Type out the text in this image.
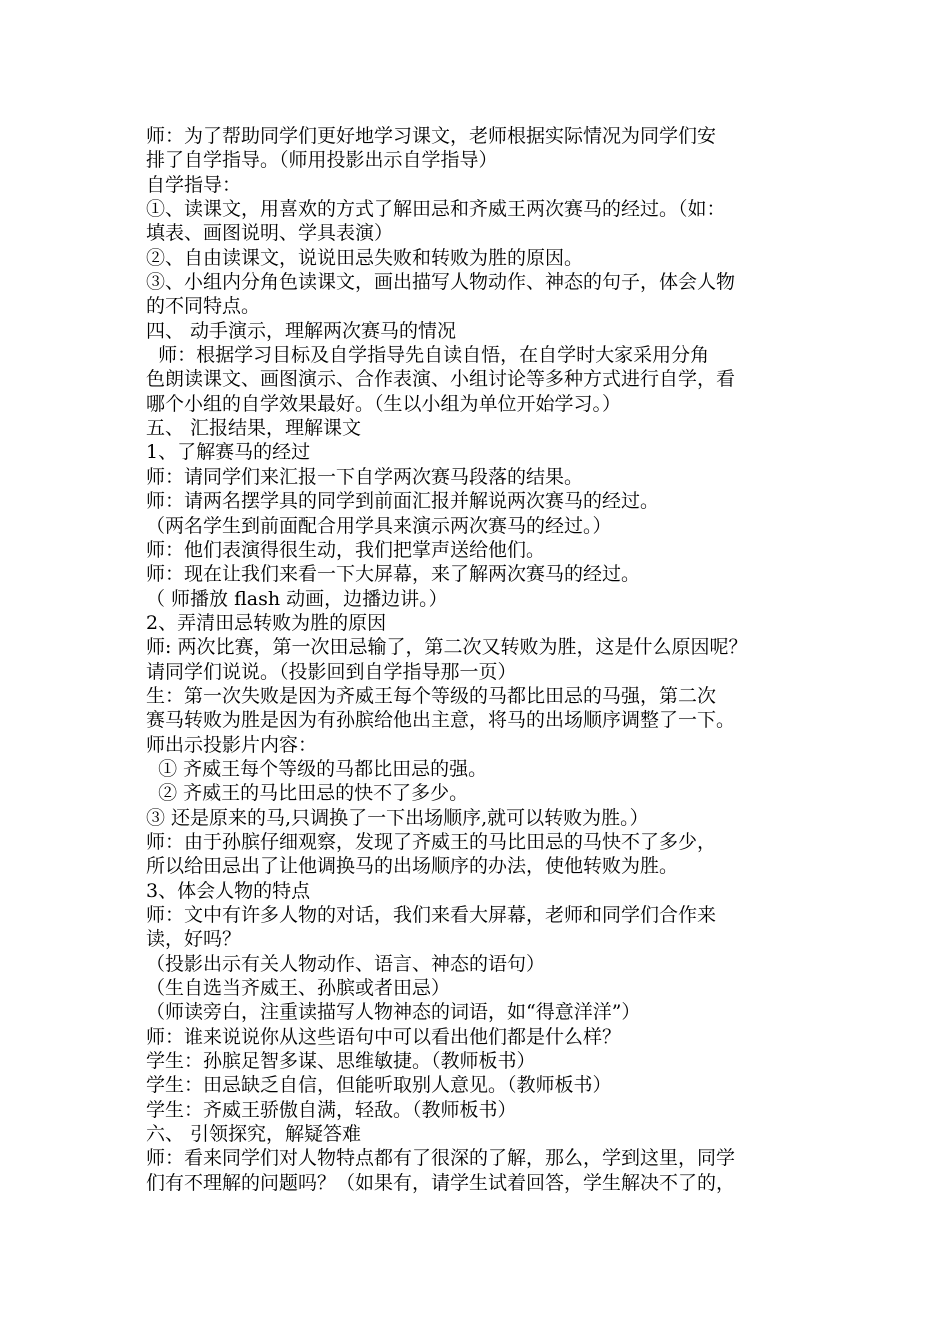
师：为了帮助同学们更好地学习课文，老师根据实际情况为同学们安
排了自学指导。（师用投影出示自学指导）
自学指导：
①、读课文，用喜欢的方式了解田忌和齐威王两次赛马的经过。（如：
填表、画图说明、学具表演）
②、自由读课文，说说田忌失败和转败为胜的原因。
③、小组内分角色读课文，画出描写人物动作、神态的句子，体会人物
的不同特点。
四、 动手演示，理解两次赛马的情况
师：根据学习目标及自学指导先自读自悟，在自学时大家采用分角
色朗读课文、画图演示、合作表演、小组讨论等多种方式进行自学，看
哪个小组的自学效果最好。（生以小组为单位开始学习。）
五、 汇报结果，理解课文
1、了解赛马的经过
师：请同学们来汇报一下自学两次赛马段落的结果。
师：请两名摆学具的同学到前面汇报并解说两次赛马的经过。
（两名学生到前面配合用学具来演示两次赛马的经过。）
师：他们表演得很生动，我们把掌声送给他们。
师：现在让我们来看一下大屏幕，来了解两次赛马的经过。
（ 师播放 flash 动画，边播边讲。）
2、弄清田忌转败为胜的原因
师: 两次比赛，第一次田忌输了，第二次又转败为胜，这是什么原因呢？
请同学们说说。（投影回到自学指导那一页）
生：第一次失败是因为齐威王每个等级的马都比田忌的马强，第二次
赛马转败为胜是因为有孙膑给他出主意，将马的出场顺序调整了一下。
师出示投影片内容：
① 齐威王每个等级的马都比田忌的强。
② 齐威王的马比田忌的快不了多少。
③ 还是原来的马,只调换了一下出场顺序,就可以转败为胜。）
师：由于孙膑仔细观察，发现了齐威王的马比田忌的马快不了多少，
所以给田忌出了让他调换马的出场顺序的办法，使他转败为胜。
3、体会人物的特点
师：文中有许多人物的对话，我们来看大屏幕，老师和同学们合作来
读，好吗？
（投影出示有关人物动作、语言、神态的语句）
（生自选当齐威王、孙膑或者田忌）
（师读旁白，注重读描写人物神态的词语，如“得意洋洋”）
师：谁来说说你从这些语句中可以看出他们都是什么样？
学生：孙膑足智多谋、思维敏捷。（教师板书）
学生：田忌缺乏自信，但能听取别人意见。（教师板书）
学生：齐威王骄傲自满，轻敌。（教师板书）
六、 引领探究，解疑答难
师：看来同学们对人物特点都有了很深的了解，那么，学到这里，同学
们有不理解的问题吗？（如果有，请学生试着回答，学生解决不了的，
